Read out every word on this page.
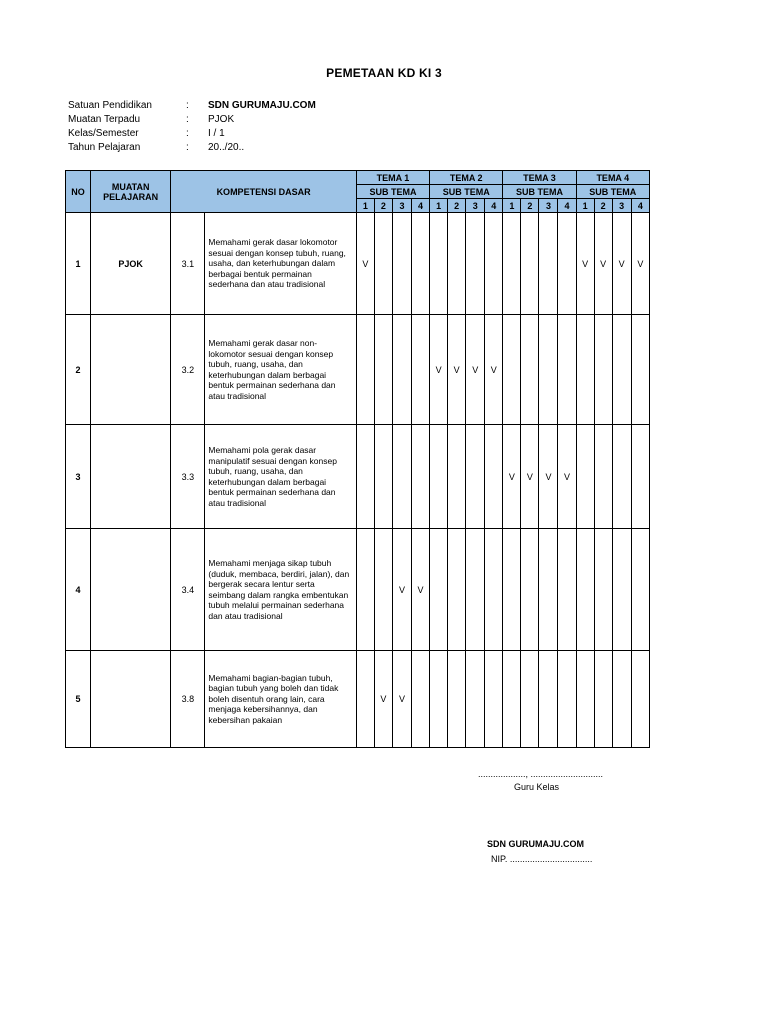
PEMETAAN KD KI 3
Satuan Pendidikan	:	SDN GURUMAJU.COM
Muatan Terpadu	:	PJOK
Kelas/Semester	:	I / 1
Tahun Pelajaran	:	20../20..
NO	MUATAN PELAJARAN	KOMPETENSI DASAR		TEMA 1				TEMA 2				TEMA 3				TEMA 4			
				SUB TEMA				SUB TEMA				SUB TEMA				SUB TEMA			
				1	2	3	4	1	2	3	4	1	2	3	4	1	2	3	4
1	PJOK	3.1	Memahami gerak dasar lokomotor sesuai dengan konsep tubuh, ruang, usaha, dan keterhubungan dalam berbagai bentuk permainan sederhana dan atau tradisional	V												V	V	V	V
2		3.2	Memahami gerak dasar non-lokomotor sesuai dengan konsep tubuh, ruang, usaha, dan keterhubungan dalam berbagai bentuk permainan sederhana dan atau tradisional					V	V	V	V								
3		3.3	Memahami pola gerak dasar manipulatif sesuai dengan konsep tubuh, ruang, usaha, dan keterhubungan dalam berbagai bentuk permainan sederhana dan atau tradisional									V	V	V	V				
4		3.4	Memahami menjaga sikap tubuh (duduk, membaca, berdiri, jalan), dan bergerak secara lentur serta seimbang dalam rangka embentukan tubuh melalui permainan sederhana dan atau tradisional			V	V												
5		3.8	Memahami bagian-bagian tubuh, bagian tubuh yang boleh dan tidak boleh disentuh orang lain, cara menjaga kebersihannya, dan kebersihan pakaian		V	V													
..................., .............................
Guru Kelas
SDN GURUMAJU.COM
NIP. .................................
